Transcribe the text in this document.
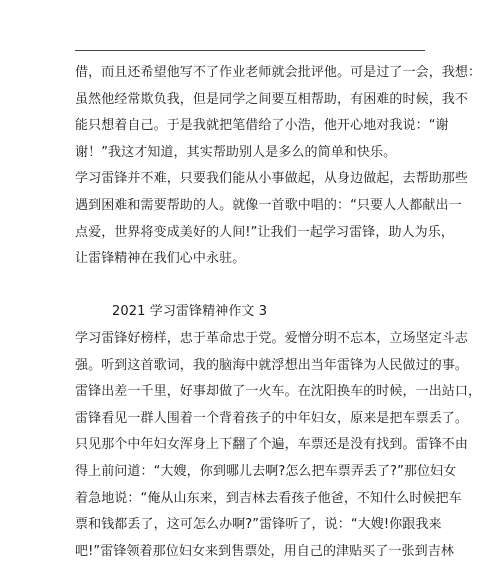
借，而且还希望他写不了作业老师就会批评他。可是过了一会，我想：
虽然他经常欺负我，但是同学之间要互相帮助，有困难的时候，我不
能只想着自己。于是我就把笔借给了小浩，他开心地对我说：“谢
谢！”我这才知道，其实帮助别人是多么的简单和快乐。
学习雷锋并不难，只要我们能从小事做起，从身边做起，去帮助那些
遇到困难和需要帮助的人。就像一首歌中唱的：“只要人人都献出一
点爱，世界将变成美好的人间!”让我们一起学习雷锋，助人为乐，
让雷锋精神在我们心中永驻。
2021 学习雷锋精神作文 3
学习雷锋好榜样，忠于革命忠于党。爱憎分明不忘本，立场坚定斗志
强。听到这首歌词，我的脑海中就浮想出当年雷锋为人民做过的事。
雷锋出差一千里，好事却做了一火车。在沈阳换车的时候，一出站口，
雷锋看见一群人围着一个背着孩子的中年妇女，原来是把车票丢了。
只见那个中年妇女浑身上下翻了个遍，车票还是没有找到。雷锋不由
得上前问道：“大嫂，你到哪儿去啊?怎么把车票弄丢了?”那位妇女
着急地说：“俺从山东来，到吉林去看孩子他爸，不知什么时候把车
票和钱都丢了，这可怎么办啊?”雷锋听了，说：“大嫂!你跟我来
吧!”雷锋领着那位妇女来到售票处，用自己的津贴买了一张到吉林
